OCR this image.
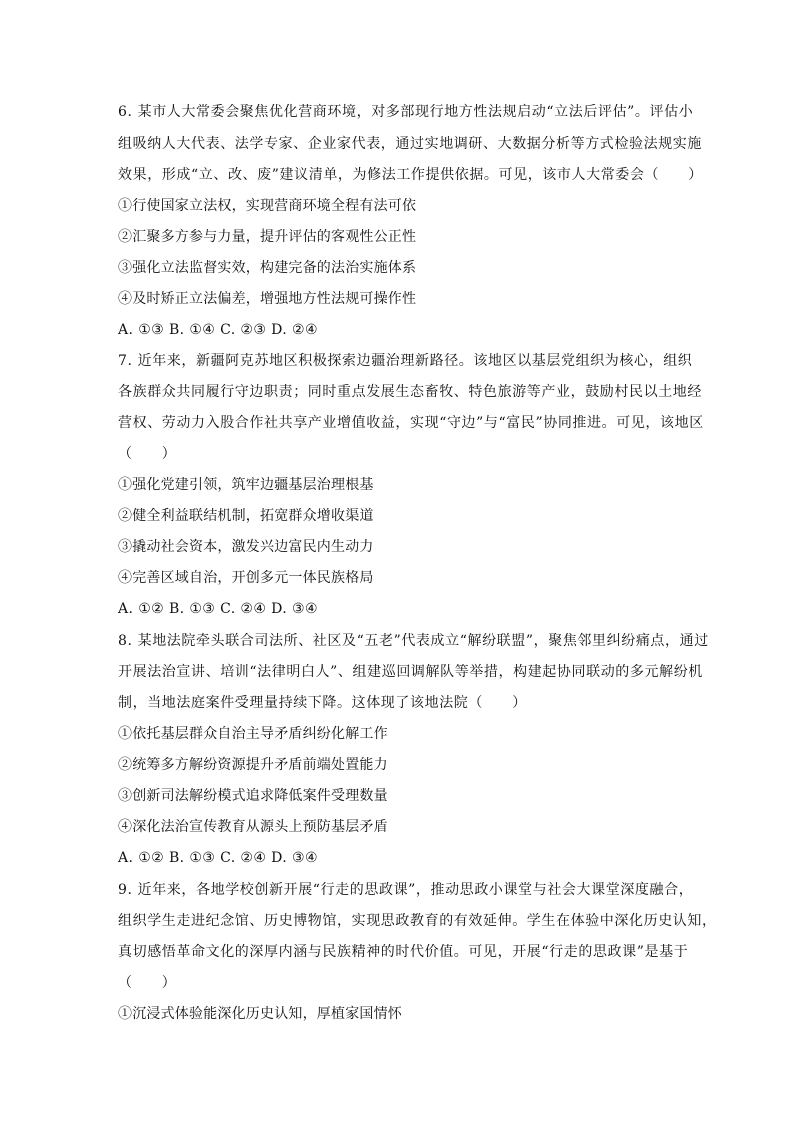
6. 某市人大常委会聚焦优化营商环境，对多部现行地方性法规启动“立法后评估”。评估小
组吸纳人大代表、法学专家、企业家代表，通过实地调研、大数据分析等方式检验法规实施
效果，形成“立、改、废”建议清单，为修法工作提供依据。可见，该市人大常委会（　　）
①行使国家立法权，实现营商环境全程有法可依
②汇聚多方参与力量，提升评估的客观性公正性
③强化立法监督实效，构建完备的法治实施体系
④及时矫正立法偏差，增强地方性法规可操作性
A. ①③ B. ①④ C. ②③ D. ②④
7. 近年来，新疆阿克苏地区积极探索边疆治理新路径。该地区以基层党组织为核心，组织
各族群众共同履行守边职责；同时重点发展生态畜牧、特色旅游等产业，鼓励村民以土地经
营权、劳动力入股合作社共享产业增值收益，实现“守边”与“富民”协同推进。可见，该地区
（　　）
①强化党建引领，筑牢边疆基层治理根基
②健全利益联结机制，拓宽群众增收渠道
③撬动社会资本，激发兴边富民内生动力
④完善区域自治，开创多元一体民族格局
A. ①② B. ①③ C. ②④ D. ③④
8. 某地法院牵头联合司法所、社区及“五老”代表成立“解纷联盟”，聚焦邻里纠纷痛点，通过
开展法治宣讲、培训“法律明白人”、组建巡回调解队等举措，构建起协同联动的多元解纷机
制，当地法庭案件受理量持续下降。这体现了该地法院（　　）
①依托基层群众自治主导矛盾纠纷化解工作
②统筹多方解纷资源提升矛盾前端处置能力
③创新司法解纷模式追求降低案件受理数量
④深化法治宣传教育从源头上预防基层矛盾
A. ①② B. ①③ C. ②④ D. ③④
9. 近年来，各地学校创新开展“行走的思政课”，推动思政小课堂与社会大课堂深度融合，
组织学生走进纪念馆、历史博物馆，实现思政教育的有效延伸。学生在体验中深化历史认知，
真切感悟革命文化的深厚内涵与民族精神的时代价值。可见，开展“行走的思政课”是基于
（　　）
①沉浸式体验能深化历史认知，厚植家国情怀
